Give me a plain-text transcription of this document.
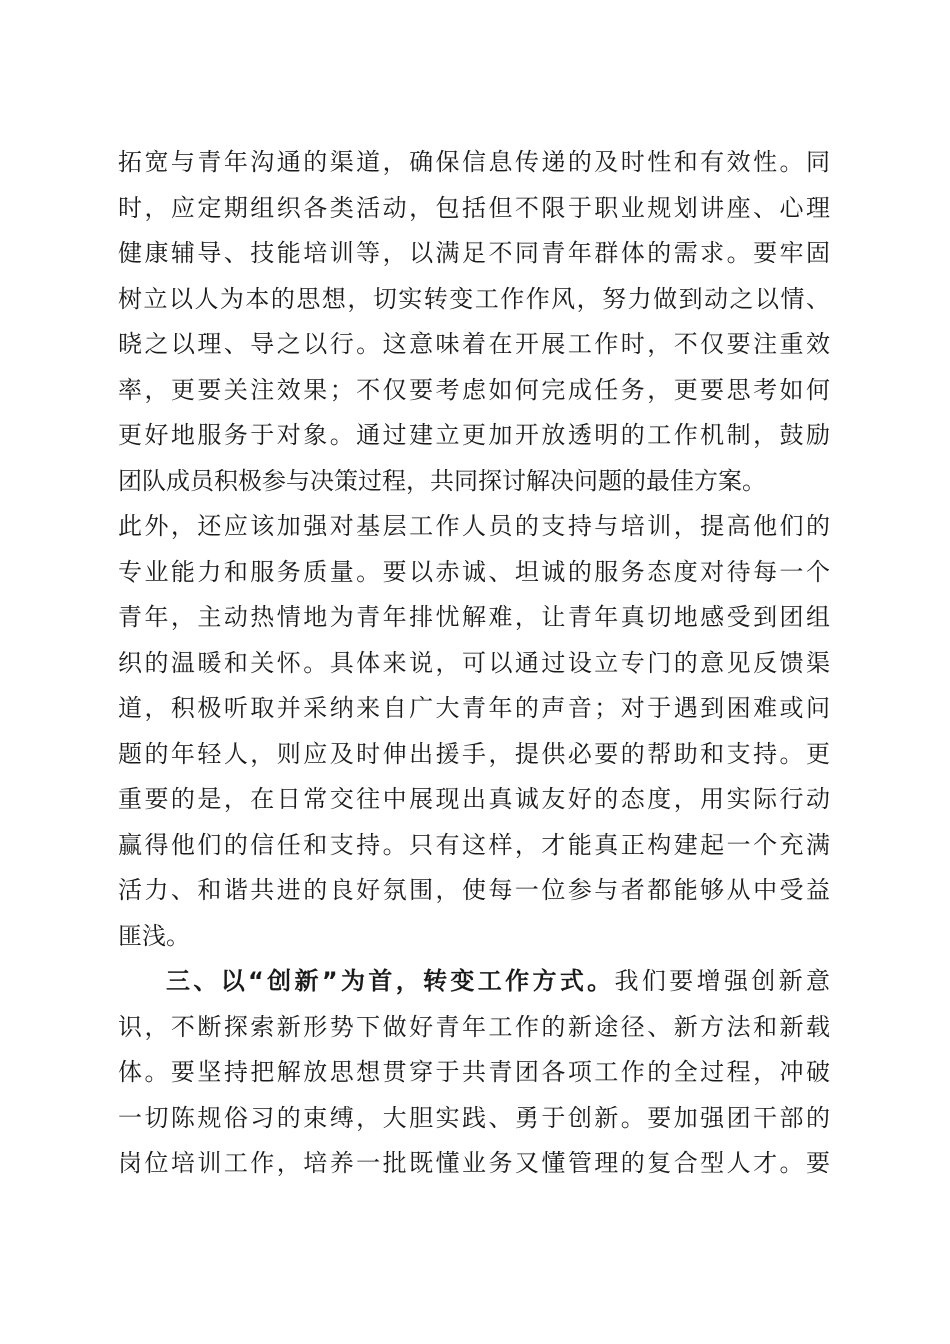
拓宽与青年沟通的渠道，确保信息传递的及时性和有效性。同
时，应定期组织各类活动，包括但不限于职业规划讲座、心理
健康辅导、技能培训等，以满足不同青年群体的需求。要牢固
树立以人为本的思想，切实转变工作作风，努力做到动之以情、
晓之以理、导之以行。这意味着在开展工作时，不仅要注重效
率，更要关注效果；不仅要考虑如何完成任务，更要思考如何
更好地服务于对象。通过建立更加开放透明的工作机制，鼓励
团队成员积极参与决策过程，共同探讨解决问题的最佳方案。
此外，还应该加强对基层工作人员的支持与培训，提高他们的
专业能力和服务质量。要以赤诚、坦诚的服务态度对待每一个
青年，主动热情地为青年排忧解难，让青年真切地感受到团组
织的温暖和关怀。具体来说，可以通过设立专门的意见反馈渠
道，积极听取并采纳来自广大青年的声音；对于遇到困难或问
题的年轻人，则应及时伸出援手，提供必要的帮助和支持。更
重要的是，在日常交往中展现出真诚友好的态度，用实际行动
赢得他们的信任和支持。只有这样，才能真正构建起一个充满
活力、和谐共进的良好氛围，使每一位参与者都能够从中受益
匪浅。
三、以“创新”为首，转变工作方式。我们要增强创新意
识，不断探索新形势下做好青年工作的新途径、新方法和新载
体。要坚持把解放思想贯穿于共青团各项工作的全过程，冲破
一切陈规俗习的束缚，大胆实践、勇于创新。要加强团干部的
岗位培训工作，培养一批既懂业务又懂管理的复合型人才。要
